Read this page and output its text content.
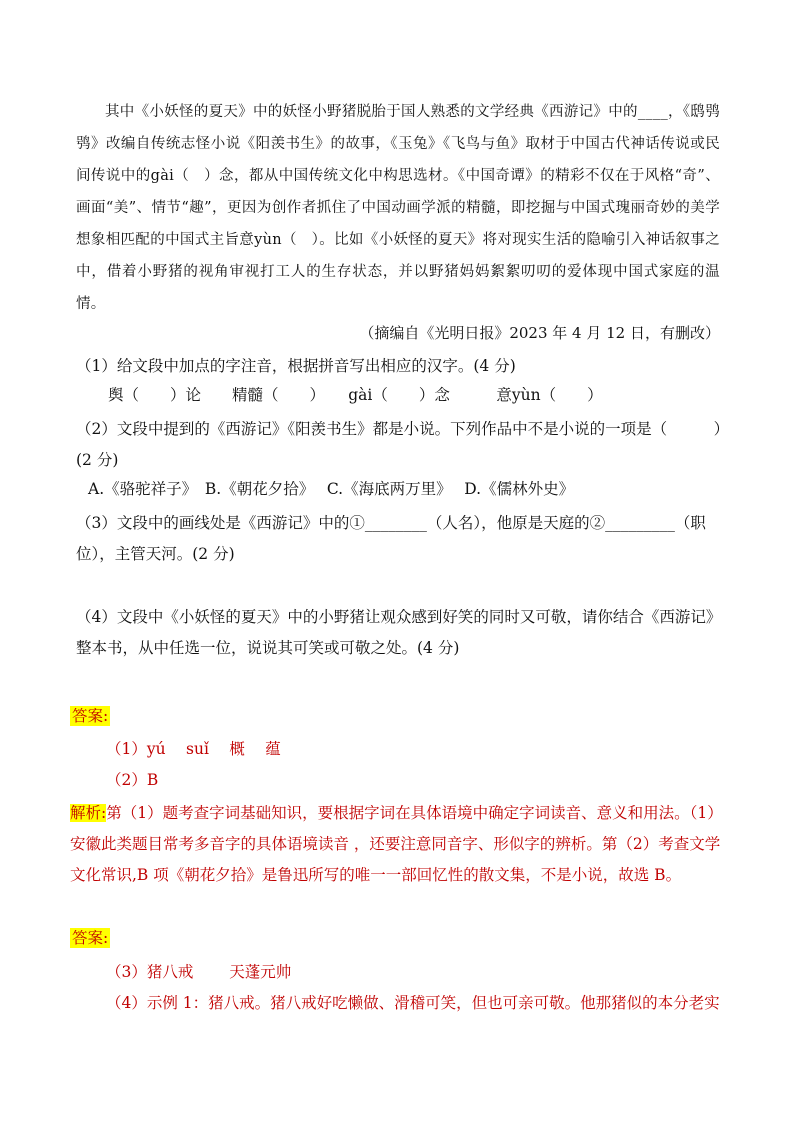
其中《小妖怪的夏天》中的妖怪小野猪脱胎于国人熟悉的文学经典《西游记》中的____，《鸱鸮鸮》改编自传统志怪小说《阳羡书生》的故事，《玉兔》《飞鸟与鱼》取材于中国古代神话传说或民间传说中的gài（　）念，都从中国传统文化中构思选材。《中国奇谭》的精彩不仅在于风格“奇”、画面“美”、情节“趣”，更因为创作者抓住了中国动画学派的精髓，即挖掘与中国式瑰丽奇妙的美学想象相匹配的中国式主旨意yùn（　）。比如《小妖怪的夏天》将对现实生活的隐喻引入神话叙事之中，借着小野猪的视角审视打工人的生存状态，并以野猪妈妈絮絮叨叨的爱体现中国式家庭的温情。
（摘编自《光明日报》2023 年 4 月 12 日，有删改）
（1）给文段中加点的字注音，根据拼音写出相应的汉字。(4 分)
舆（　　）论　　精髓（　　）　　gài（　　）念　　　意yùn（　　）
（2）文段中提到的《西游记》《阳羡书生》都是小说。下列作品中不是小说的一项是（　　　）(2 分)
A.《骆驼祥子》　B.《朝花夕拾》　 C.《海底两万里》　 D.《儒林外史》
（3）文段中的画线处是《西游记》中的①________（人名），他原是天庭的②_________（职位），主管天河。(2 分)
（4）文段中《小妖怪的夏天》中的小野猪让观众感到好笑的同时又可敬，请你结合《西游记》整本书，从中任选一位，说说其可笑或可敬之处。(4 分)
答案:
（1）yú　 suǐ　 概　 蕴
（2）B
解析:第（1）题考查字词基础知识，要根据字词在具体语境中确定字词读音、意义和用法。（1）安徽此类题目常考多音字的具体语境读音 ，还要注意同音字、形似字的辨析。第（2）考查文学文化常识,B 项《朝花夕拾》是鲁迅所写的唯一一部回忆性的散文集，不是小说，故选 B。
答案:
（3）猪八戒　　 天蓬元帅
（4）示例 1：猪八戒。猪八戒好吃懒做、滑稽可笑，但也可亲可敬。他那猪似的本分老实
